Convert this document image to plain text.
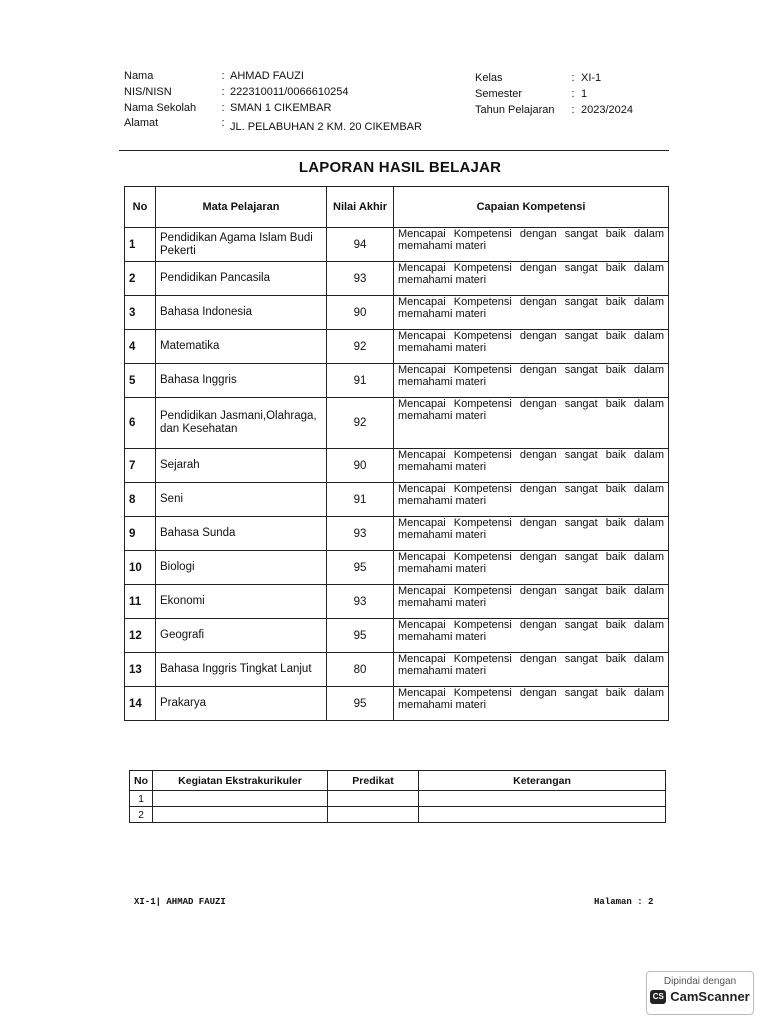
Nama	: AHMAD FAUZI
NIS/NISN	: 222310011/0066610254
Nama Sekolah	: SMAN 1 CIKEMBAR
Alamat	: JL. PELABUHAN 2 KM. 20 CIKEMBAR
Kelas	: XI-1
Semester	: 1
Tahun Pelajaran	: 2023/2024
LAPORAN HASIL BELAJAR
No	Mata Pelajaran	Nilai Akhir	Capaian Kompetensi
1	Pendidikan Agama Islam Budi Pekerti	94	Mencapai Kompetensi dengan sangat baik dalam
memahami materi

2	Pendidikan Pancasila	93	Mencapai Kompetensi dengan sangat baik dalam
memahami materi

3	Bahasa Indonesia	90	Mencapai Kompetensi dengan sangat baik dalam
memahami materi

4	Matematika	92	Mencapai Kompetensi dengan sangat baik dalam
memahami materi

5	Bahasa Inggris	91	Mencapai Kompetensi dengan sangat baik dalam
memahami materi

6	Pendidikan Jasmani,Olahraga, dan Kesehatan	92	Mencapai Kompetensi dengan sangat baik dalam
memahami materi

7	Sejarah	90	Mencapai Kompetensi dengan sangat baik dalam
memahami materi

8	Seni	91	Mencapai Kompetensi dengan sangat baik dalam
memahami materi

9	Bahasa Sunda	93	Mencapai Kompetensi dengan sangat baik dalam
memahami materi

10	Biologi	95	Mencapai Kompetensi dengan sangat baik dalam
memahami materi

11	Ekonomi	93	Mencapai Kompetensi dengan sangat baik dalam
memahami materi

12	Geografi	95	Mencapai Kompetensi dengan sangat baik dalam
memahami materi

13	Bahasa Inggris Tingkat Lanjut	80	Mencapai Kompetensi dengan sangat baik dalam
memahami materi

14	Prakarya	95	Mencapai Kompetensi dengan sangat baik dalam
memahami materi
No	Kegiatan Ekstrakurikuler	Predikat	Keterangan
1			
2			
XI-1| AHMAD FAUZI	Halaman : 2
Dipindai dengan
CS CamScanner
